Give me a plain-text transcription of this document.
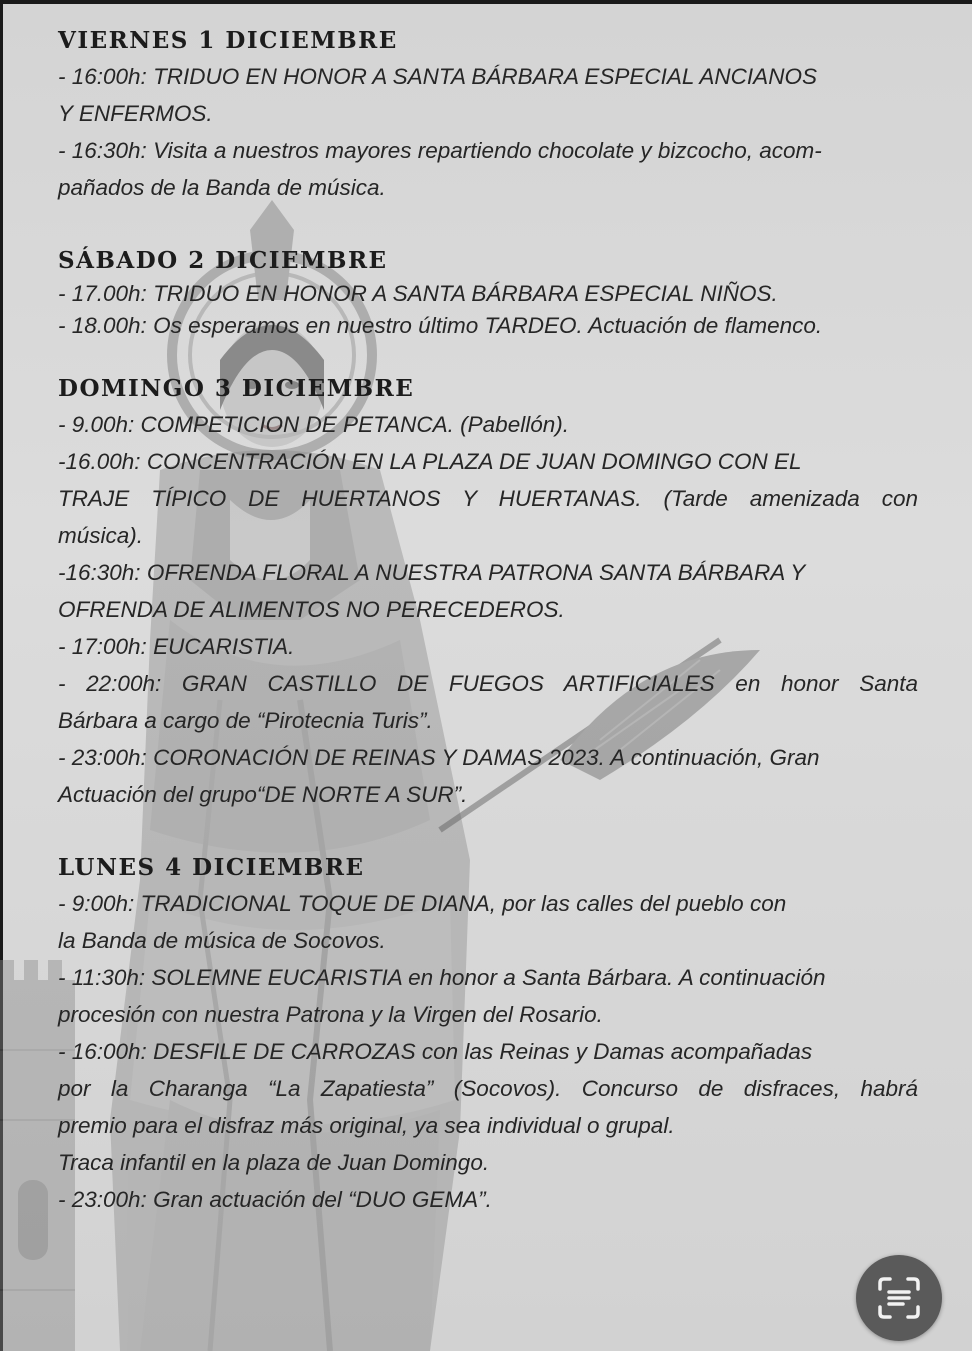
VIERNES 1 DICIEMBRE

- 16:00h: TRIDUO EN HONOR A SANTA BÁRBARA ESPECIAL ANCIANOS

Y ENFERMOS.

- 16:30h: Visita a nuestros mayores repartiendo chocolate y bizcocho, acom-

pañados de la Banda de música.

SÁBADO 2 DICIEMBRE

- 17.00h: TRIDUO EN HONOR A SANTA BÁRBARA ESPECIAL NIÑOS.

- 18.00h: Os esperamos en nuestro último TARDEO. Actuación de flamenco.

DOMINGO 3 DICIEMBRE

- 9.00h: COMPETICION DE PETANCA. (Pabellón).

-16.00h: CONCENTRACIÓN EN LA PLAZA DE JUAN DOMINGO CON EL

TRAJE TÍPICO DE HUERTANOS Y HUERTANAS. (Tarde amenizada con

música).

-16:30h: OFRENDA FLORAL A NUESTRA PATRONA SANTA BÁRBARA Y

OFRENDA DE ALIMENTOS NO PERECEDEROS.

- 17:00h: EUCARISTIA.

- 22:00h: GRAN CASTILLO DE FUEGOS ARTIFICIALES en honor Santa

Bárbara a cargo de “Pirotecnia Turis”.

- 23:00h: CORONACIÓN DE REINAS Y DAMAS 2023. A continuación, Gran

Actuación del grupo“DE NORTE A SUR”.

LUNES 4 DICIEMBRE

- 9:00h: TRADICIONAL TOQUE DE DIANA, por las calles del pueblo con

la Banda de música de Socovos.

- 11:30h: SOLEMNE EUCARISTIA en honor a Santa Bárbara. A continuación

procesión con nuestra Patrona y la Virgen del Rosario.

- 16:00h: DESFILE DE CARROZAS con las Reinas y Damas acompañadas

por la Charanga “La Zapatiesta” (Socovos). Concurso de disfraces, habrá

premio para el disfraz más original, ya sea individual o grupal.

Traca infantil en la plaza de Juan Domingo.

- 23:00h: Gran actuación del “DUO GEMA”.
